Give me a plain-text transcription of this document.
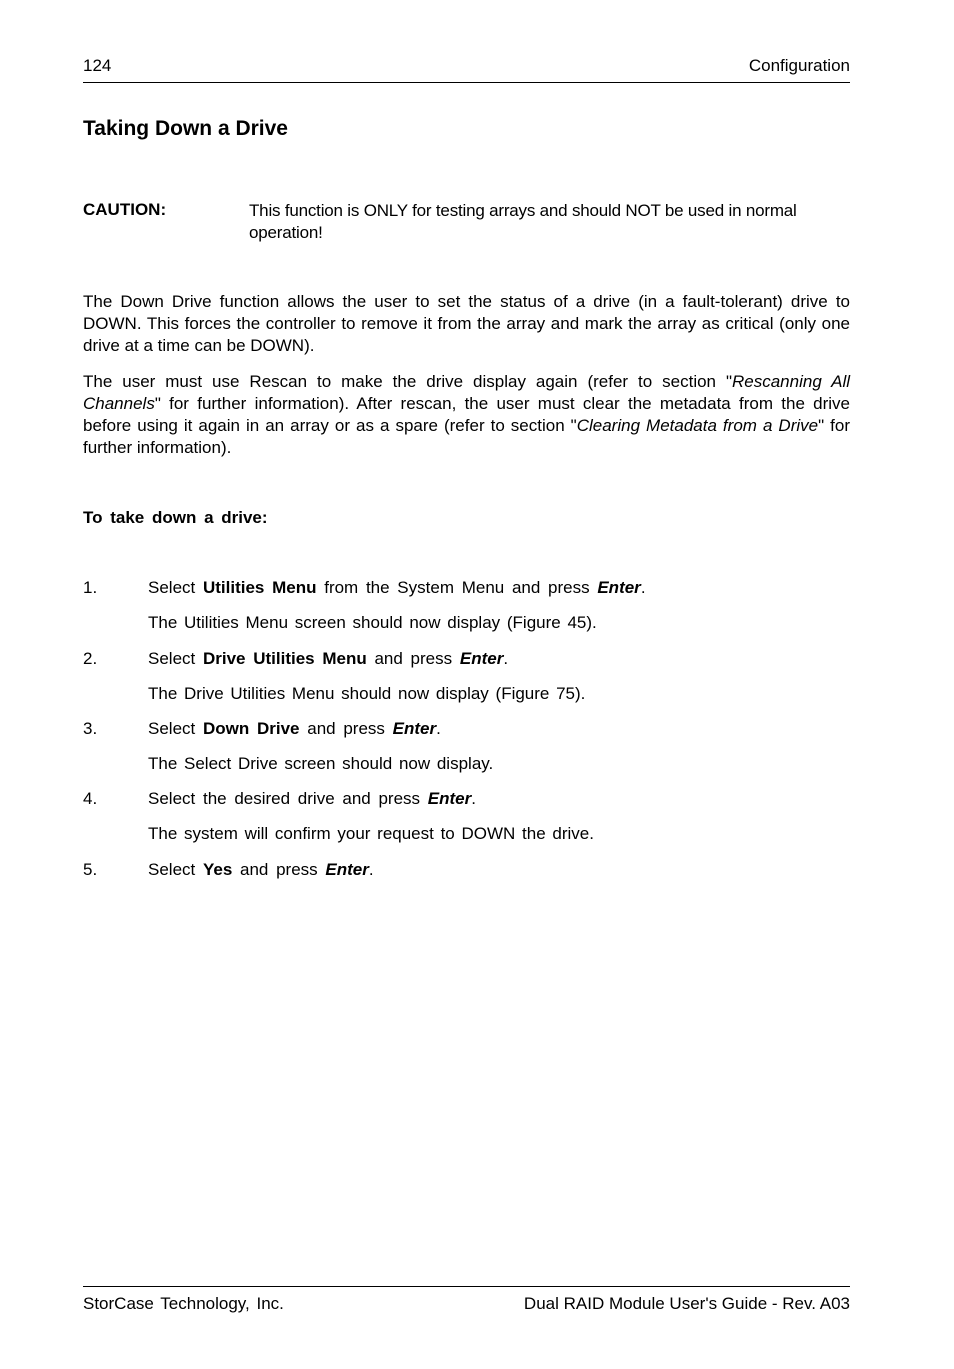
124	Configuration
Taking Down a Drive
CAUTION:	This function is ONLY for testing arrays and should NOT be used in normal operation!

The Down Drive function allows the user to set the status of a drive (in a fault-tolerant) drive to DOWN. This forces the controller to remove it from the array and mark the array as critical (only one drive at a time can be DOWN).

The user must use Rescan to make the drive display again (refer to section "Rescanning All Channels" for further information). After rescan, the user must clear the metadata from the drive before using it again in an array or as a spare (refer to section "Clearing Metadata from a Drive" for further information).

To take down a drive:
1.	Select Utilities Menu from the System Menu and press Enter.
The Utilities Menu screen should now display (Figure 45).
2.	Select Drive Utilities Menu and press Enter.
The Drive Utilities Menu should now display (Figure 75).
3.	Select Down Drive and press Enter.
The Select Drive screen should now display.
4.	Select the desired drive and press Enter.
The system will confirm your request to DOWN the drive.
5.	Select Yes and press Enter.
StorCase Technology, Inc.	Dual RAID Module User's Guide - Rev. A03
